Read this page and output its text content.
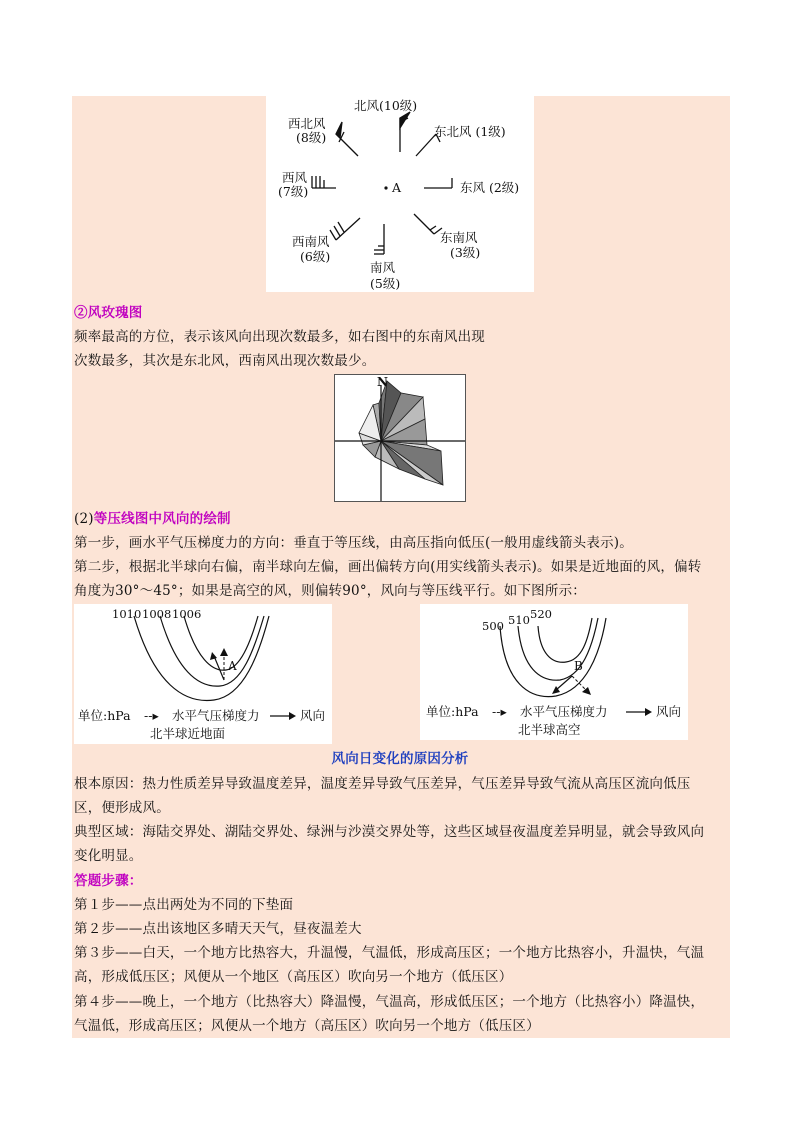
北风(10级)
西北风
(8级)	东北风 (1级)
西风
(7级)	A	东风 (2级)
西南风
(6级)
东南风
(3级)
南风
(5级)
②风玫瑰图
频率最高的方位，表示该风向出现次数最多，如右图中的东南风出现
次数最多，其次是东北风，西南风出现次数最少。
N
(2)等压线图中风向的绘制
第一步，画水平气压梯度力的方向：垂直于等压线，由高压指向低压(一般用虚线箭头表示)。
第二步，根据北半球向右偏，南半球向左偏，画出偏转方向(用实线箭头表示)。如果是近地面的风，偏转
角度为30°～45°；如果是高空的风，则偏转90°，风向与等压线平行。如下图所示：
1010 1008 1006
A
单位:hPa --▸ 水平气压梯度力	风向
北半球近地面
500 510 520
B
单位:hPa --▸ 水平气压梯度力	风向
北半球高空
风向日变化的原因分析
根本原因：热力性质差异导致温度差异，温度差异导致气压差异，气压差异导致气流从高压区流向低压
区，便形成风。
典型区域：海陆交界处、湖陆交界处、绿洲与沙漠交界处等，这些区域昼夜温度差异明显，就会导致风向
变化明显。
答题步骤：
第１步——点出两处为不同的下垫面
第２步——点出该地区多晴天天气，昼夜温差大
第３步——白天，一个地方比热容大，升温慢，气温低，形成高压区；一个地方比热容小，升温快，气温
高，形成低压区；风便从一个地区（高压区）吹向另一个地方（低压区）
第４步——晚上，一个地方（比热容大）降温慢，气温高，形成低压区；一个地方（比热容小）降温快，
气温低，形成高压区；风便从一个地方（高压区）吹向另一个地方（低压区）
